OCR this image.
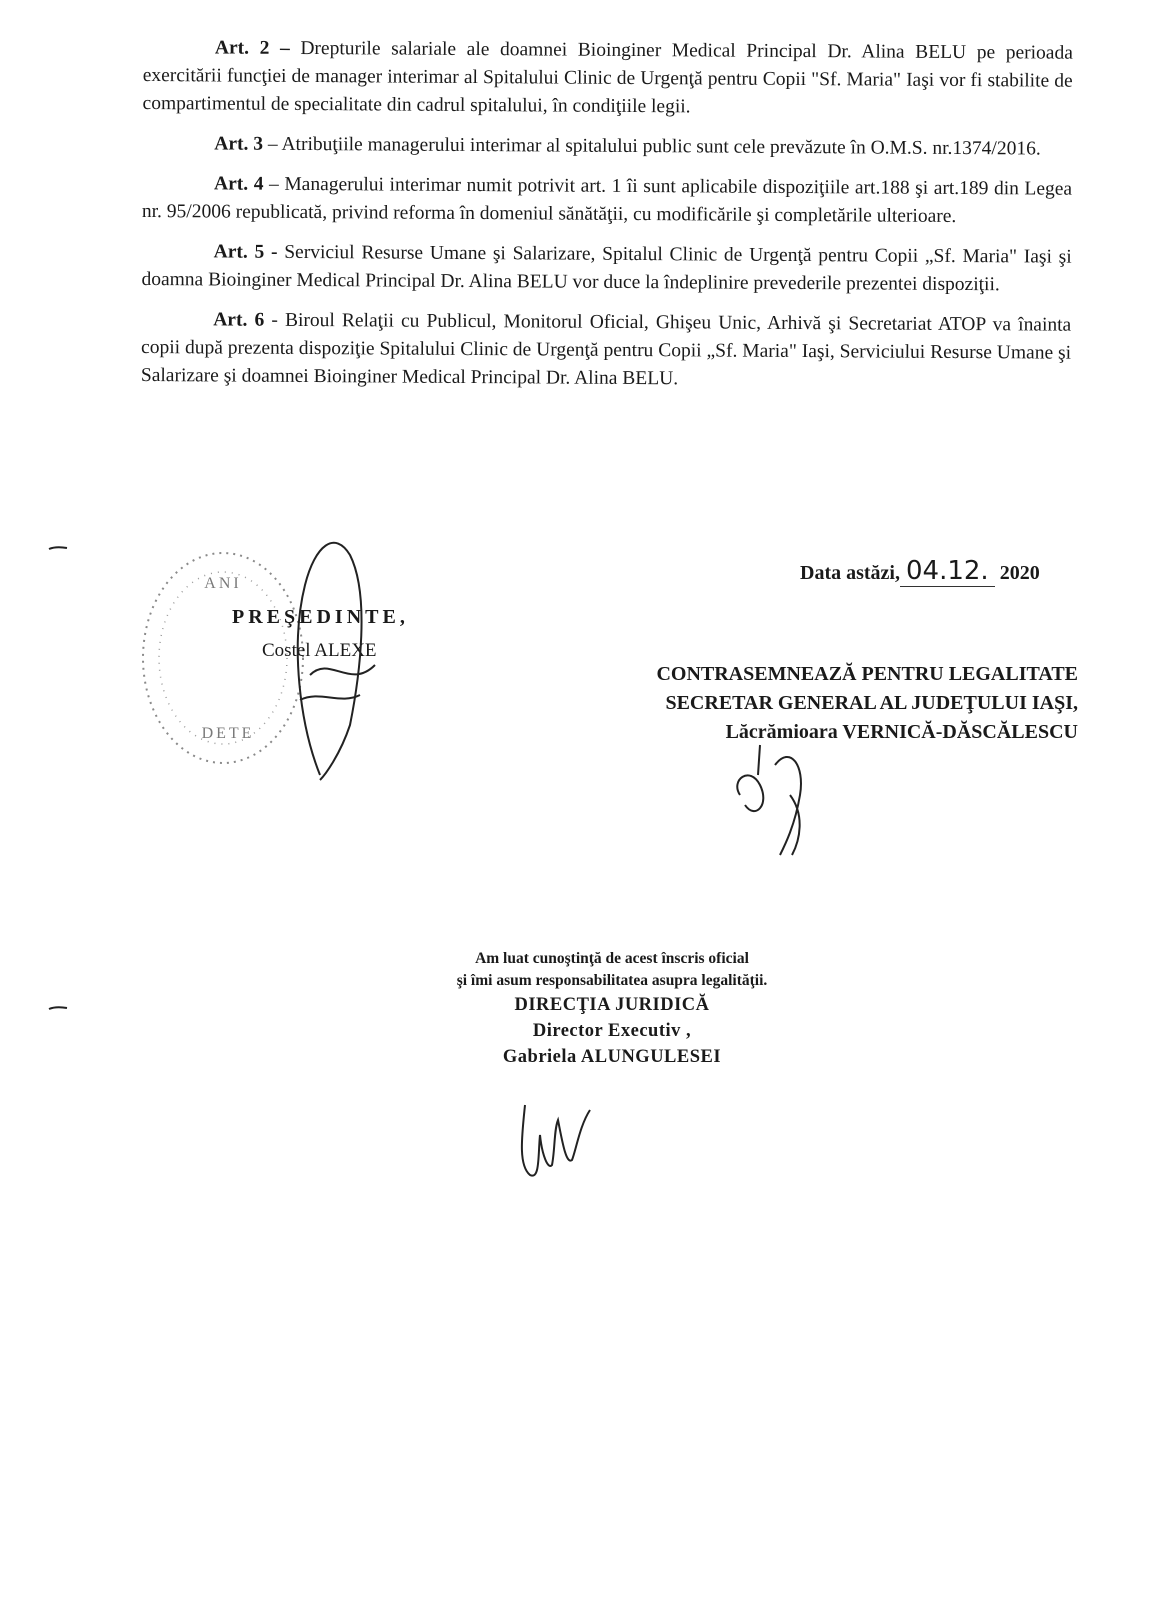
Art. 2 – Drepturile salariale ale doamnei Bioinginer Medical Principal Dr. Alina BELU pe perioada exercitării funcţiei de manager interimar al Spitalului Clinic de Urgenţă pentru Copii "Sf. Maria" Iaşi vor fi stabilite de compartimentul de specialitate din cadrul spitalului, în condiţiile legii.

Art. 3 – Atribuţiile managerului interimar al spitalului public sunt cele prevăzute în O.M.S. nr.1374/2016.

Art. 4 – Managerului interimar numit potrivit art. 1 îi sunt aplicabile dispoziţiile art.188 şi art.189 din Legea nr. 95/2006 republicată, privind reforma în domeniul sănătăţii, cu modificările şi completările ulterioare.

Art. 5 - Serviciul Resurse Umane şi Salarizare, Spitalul Clinic de Urgenţă pentru Copii „Sf. Maria" Iaşi şi doamna Bioinginer Medical Principal Dr. Alina BELU vor duce la îndeplinire prevederile prezentei dispoziţii.

Art. 6 - Biroul Relaţii cu Publicul, Monitorul Oficial, Ghişeu Unic, Arhivă şi Secretariat ATOP va înainta copii după prezenta dispoziţie Spitalului Clinic de Urgenţă pentru Copii „Sf. Maria" Iaşi, Serviciului Resurse Umane şi Salarizare şi doamnei Bioinginer Medical Principal Dr. Alina BELU.

Data astăzi, 04.12. 2020
ANI
DETE
PREŞEDINTE,
Costel ALEXE
CONTRASEMNEAZĂ PENTRU LEGALITATE
SECRETAR GENERAL AL JUDEŢULUI IAŞI,
Lăcrămioara VERNICĂ-DĂSCĂLESCU
Am luat cunoştinţă de acest înscris oficial
şi îmi asum responsabilitatea asupra legalităţii.
DIRECŢIA JURIDICĂ
Director Executiv ,
Gabriela ALUNGULESEI
